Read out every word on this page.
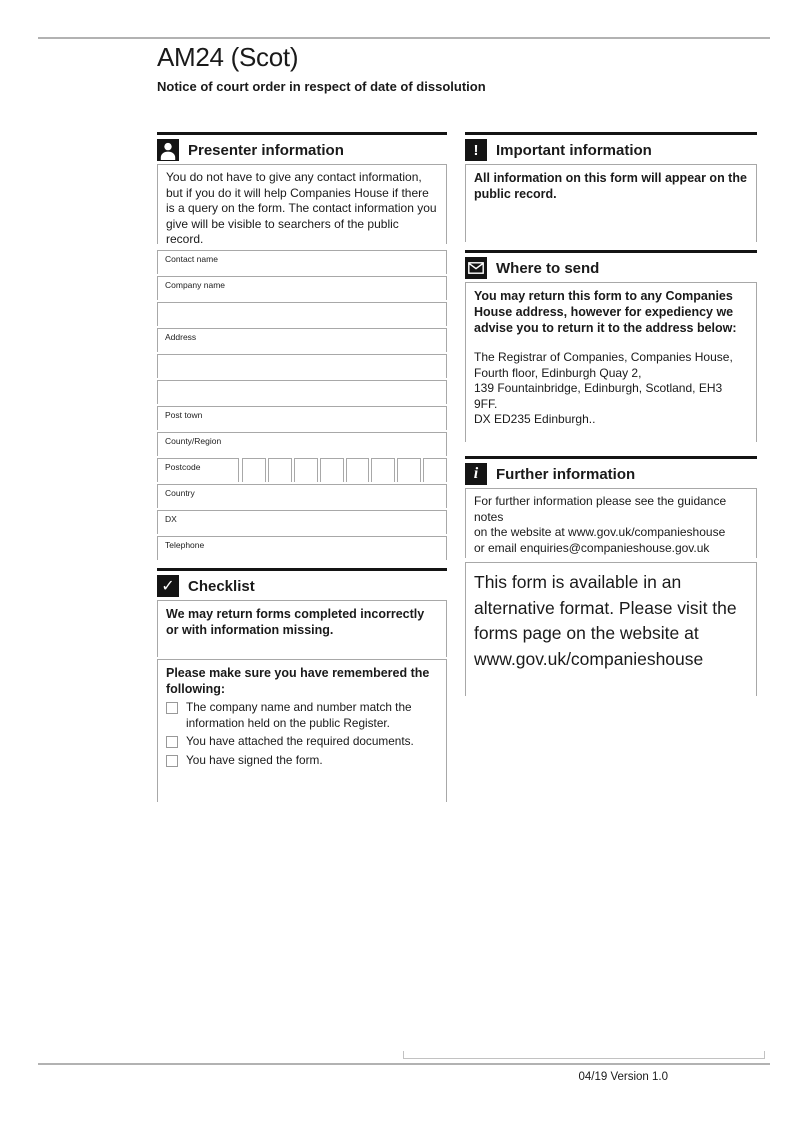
AM24 (Scot)
Notice of court order in respect of date of dissolution
Presenter information
You do not have to give any contact information, but if you do it will help Companies House if there is a query on the form. The contact information you give will be visible to searchers of the public record.
Contact name
Company name
Address
Post town
County/Region
Postcode
Country
DX
Telephone
✓ Checklist
We may return forms completed incorrectly or with information missing.
Please make sure you have remembered the following:
The company name and number match the information held on the public Register.
You have attached the required documents.
You have signed the form.
!	Important information
All information on this form will appear on the public record.
Where to send
You may return this form to any Companies House address, however for expediency we advise you to return it to the address below:
The Registrar of Companies, Companies House,
Fourth floor, Edinburgh Quay 2,
139 Fountainbridge, Edinburgh, Scotland, EH3 9FF.
DX ED235 Edinburgh..
i	Further information
For further information please see the guidance notes
on the website at www.gov.uk/companieshouse
or email enquiries@companieshouse.gov.uk
This form is available in an alternative format. Please visit the forms page on the website at www.gov.uk/companieshouse
04/19 Version 1.0
